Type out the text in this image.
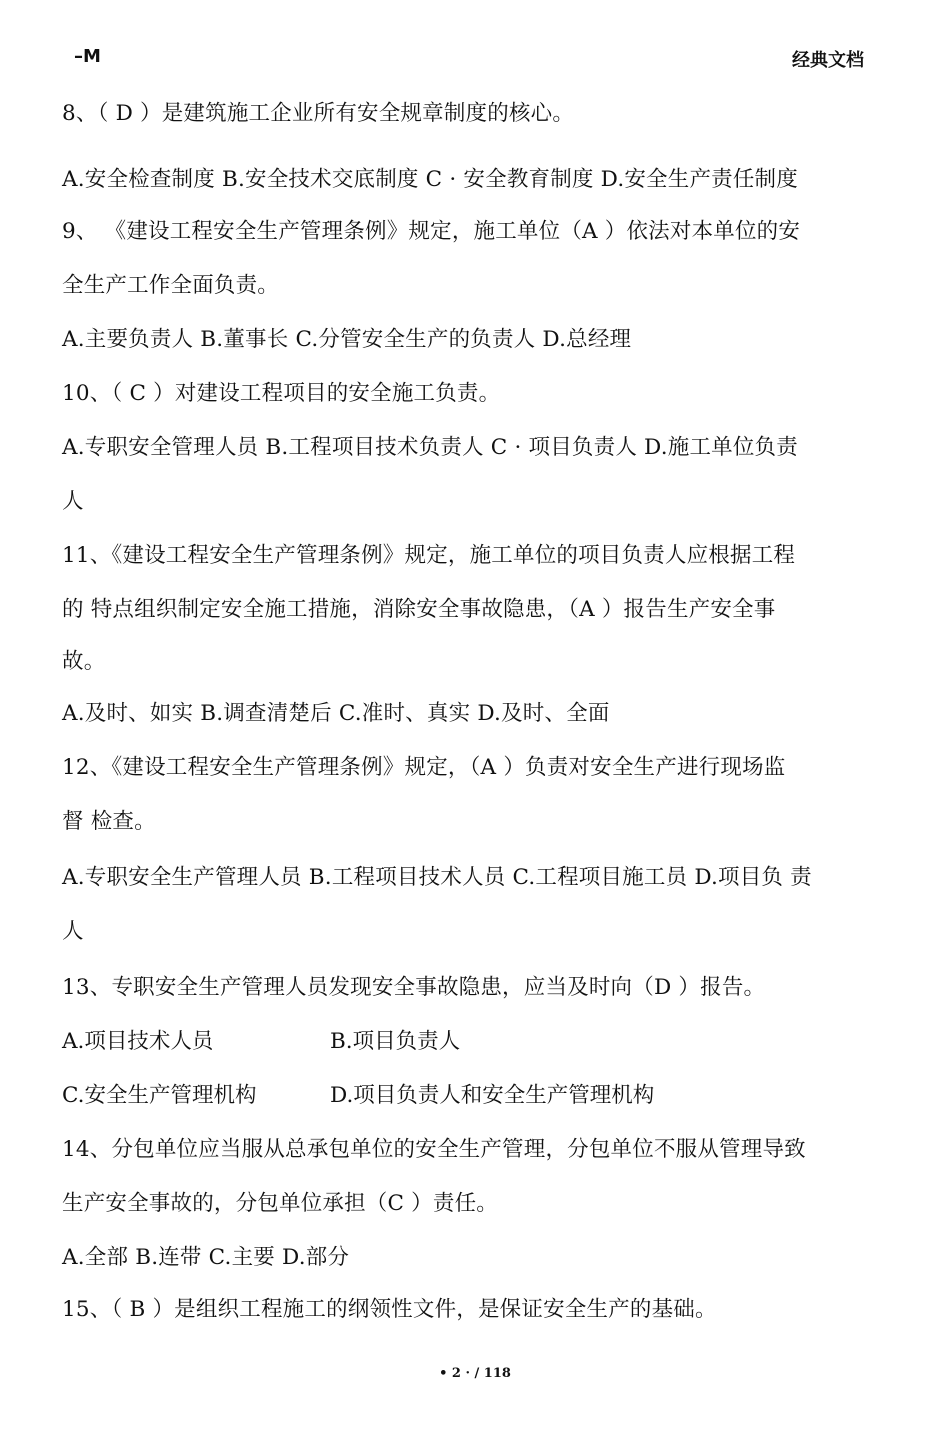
–M	经典文档
8、（ D ）是建筑施工企业所有安全规章制度的核心。
A.安全检查制度 B.安全技术交底制度 C · 安全教育制度 D.安全生产责任制度
9、 《建设工程安全生产管理条例》规定，施工单位（A ）依法对本单位的安
全生产工作全面负责。
A.主要负责人 B.董事长 C.分管安全生产的负责人 D.总经理
10、（ C ）对建设工程项目的安全施工负责。
A.专职安全管理人员 B.工程项目技术负责人 C · 项目负责人 D.施工单位负责
人
11、《建设工程安全生产管理条例》规定，施工单位的项目负责人应根据工程
的 特点组织制定安全施工措施，消除安全事故隐患，（A ）报告生产安全事
故。
A.及时、如实 B.调查清楚后 C.准时、真实 D.及时、全面
12、《建设工程安全生产管理条例》规定，（A ）负责对安全生产进行现场监
督 检查。
A.专职安全生产管理人员 B.工程项目技术人员 C.工程项目施工员 D.项目负 责
人
13、专职安全生产管理人员发现安全事故隐患，应当及时向（D ）报告。
14、分包单位应当服从总承包单位的安全生产管理，分包单位不服从管理导致
生产安全事故的，分包单位承担（C ）责任。
A.全部 B.连带 C.主要 D.部分
15、（ B ）是组织工程施工的纲领性文件，是保证安全生产的基础。
A.项目技术人员	B.项目负责人
C.安全生产管理机构	D.项目负责人和安全生产管理机构
• 2 · / 118
